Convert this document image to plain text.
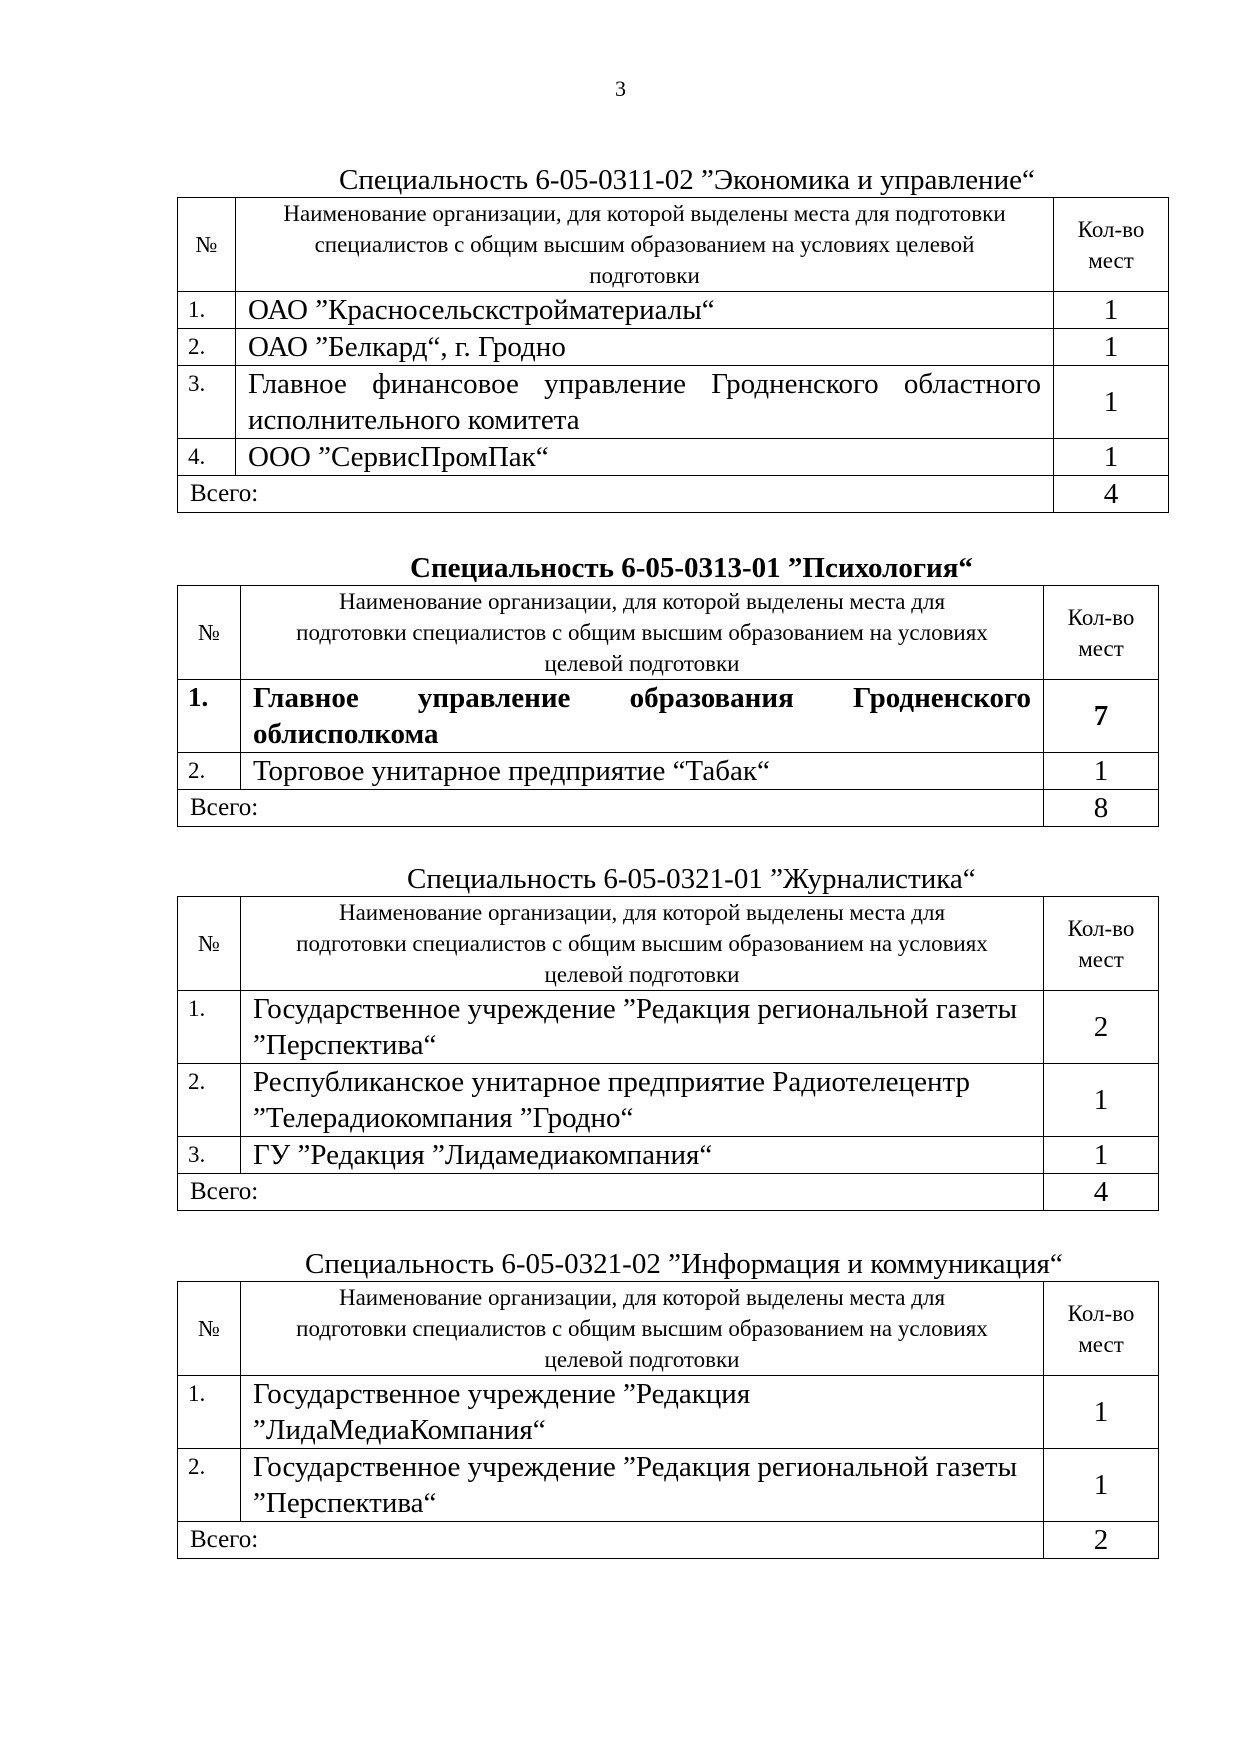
3
Специальность 6-05-0311-02 ”Экономика и управление“
№	Наименование организации, для которой выделены места для подготовки специалистов с общим высшим образованием на условиях целевой подготовки	Кол-во
мест
1.	ОАО ”Красносельскстройматериалы“	1
2.	ОАО ”Белкард“, г. Гродно	1
3.	Главное финансовое управление Гродненского областного исполнительного комитета	1
4.	ООО ”СервисПромПак“	1
Всего:		4
Специальность 6-05-0313-01 ”Психология“
№	Наименование организации, для которой выделены места для подготовки специалистов с общим высшим образованием на условиях целевой подготовки	Кол-во
мест
1.	Главное управление образования Гродненского облисполкома	7
2.	Торговое унитарное предприятие “Табак“	1
Всего:		8
Специальность 6-05-0321-01 ”Журналистика“
№	Наименование организации, для которой выделены места для подготовки специалистов с общим высшим образованием на условиях целевой подготовки	Кол-во
мест
1.	Государственное учреждение ”Редакция региональной газеты ”Перспектива“	2
2.	Республиканское унитарное предприятие Радиотелецентр ”Телерадиокомпания ”Гродно“	1
3.	ГУ ”Редакция ”Лидамедиакомпания“	1
Всего:		4
Специальность 6-05-0321-02 ”Информация и коммуникация“
№	Наименование организации, для которой выделены места для подготовки специалистов с общим высшим образованием на условиях целевой подготовки	Кол-во
мест
1.	Государственное учреждение ”Редакция ”ЛидаМедиаКомпания“	1
2.	Государственное учреждение ”Редакция региональной газеты ”Перспектива“	1
Всего:		2
